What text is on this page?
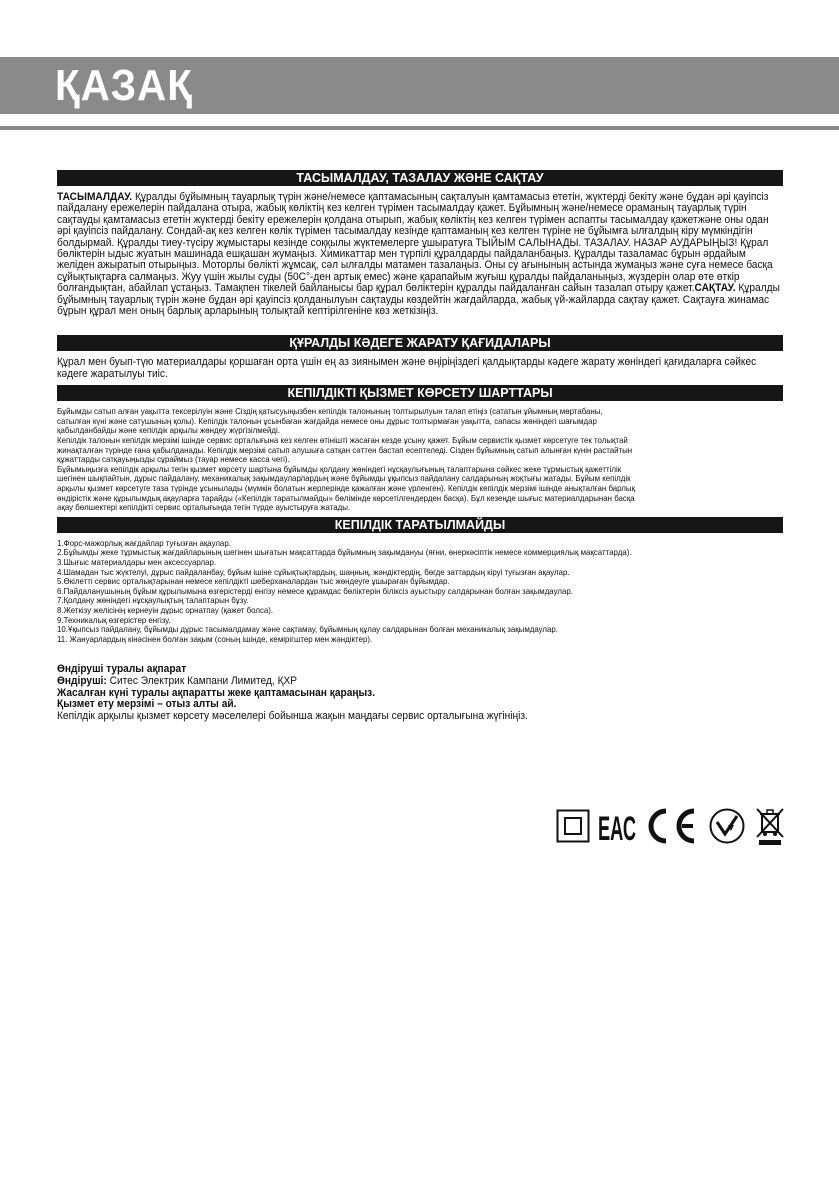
ҚАЗАҚ
ТАСЫМАЛДАУ, ТАЗАЛАУ ЖӘНЕ САҚТАУ

ТАСЫМАЛДАУ. Құралды бұйымның тауарлық түрін және/немесе қаптамасының сақталуын қамтамасыз ететін, жүктерді бекіту және бұдан әрі қауіпсіз пайдалану ережелерін пайдалана отыра, жабық көліктің кез келген түрімен тасымалдау қажет. Бұйымның және/немесе ораманың тауарлық түрін сақтауды қамтамасыз ететін жүктерді бекіту ережелерін қолдана отырып, жабық көліктің кез келген түрімен аспапты тасымалдау қажетжәне оны одан әрі қауіпсіз пайдалану. Сондай-ақ кез келген көлік түрімен тасымалдау кезінде қаптаманың кез келген түріне не бұйымға ылғалдың кіру мүмкіндігін болдырмай. Құралды тиеу-түсіру жұмыстары кезінде соққылы жүктемелерге ұшыратуға ТЫЙЫМ САЛЫНАДЫ. ТАЗАЛАУ. НАЗАР АУДАРЫҢЫЗ! Құрал бөліктерін ыдыс жуатын машинада ешқашан жумаңыз. Химикаттар мен түрпілі құралдарды пайдаланбаңыз. Құралды тазаламас бұрын әрдайым желіден ажыратып отырыңыз. Моторлы бөлікті жұмсақ, сәл ылғалды матамен тазалаңыз. Оны су ағынының астында жумаңыз және суға немесе басқа сұйықтықтарға салмаңыз. Жуу үшін жылы суды (50С°-ден артық емес) және қарапайым жуғыш құралды пайдаланыңыз, жүздерін олар өте өткір болғандықтан, абайлап ұстаңыз. Тамақпен тікелей байланысы бар құрал бөліктерін құралды пайдаланған сайын тазалап отыру қажет.САҚТАУ. Құралды бұйымның тауарлық түрін және бұдан әрі қауіпсіз қолданылуын сақтауды көздейтін жағдайларда, жабық үй-жайларда сақтау қажет. Сақтауға жинамас бұрын құрал мен оның барлық арларының толықтай кептірілгеніне көз жеткізіңіз.

ҚҰРАЛДЫ КӘДЕГЕ ЖАРАТУ ҚАҒИДАЛАРЫ

Құрал мен буып-түю материалдары қоршаған орта үшін ең аз зиянымен және өңіріңіздегі қалдықтарды кәдеге жарату жөніндегі қағидаларға сәйкес кәдеге жаратылуы тиіс.

КЕПІЛДІКТІ ҚЫЗМЕТ КӨРСЕТУ ШАРТТАРЫ
Бұйымды сатып алған уақытта тексерілуін және Сіздің қатысуыңызбен кепілдік талонының толтырылуын талап етіңіз (сататын ұйымның мөртабаны,
сатылған күні және сатушының қолы). Кепілдік талонын ұсынбаған жағдайда немесе оны дұрыс толтырмаған уақытта, сапасы жөніндегі шағымдар
қабылданбайды және кепілдік арқылы жөндеу жүргізілмейді.
Кепілдік талонын кепілдік мерзімі ішінде сервис орталығына кез келген өтінішті жасаған кезде ұсыну қажет. Бұйым сервистік қызмет көрсетуге тек толықтай
жинақталған түрінде ғана қабылданады. Кепілдік мерзімі сатып алушыға сатқан сәттен бастап есептеледі. Сізден бұйымның сатып алынған күнін растайтын
құжаттарды сатқауыңызды сұраймыз (тауар немесе касса чегі).
Бұйымыңызға кепілдік арқылы тегін қызмет көрсету шартына бұйымды қолдану жөніндегі нұсқаулығының талаптарына сәйкес жеке тұрмыстық қажеттілік
шегінен шықпайтын, дұрыс пайдалану, механикалық зақымдауларлардың және бұйымды ұқыпсыз пайдалану салдарының жоқтығы жатады. Бұйым кепілдік
арқылы қызмет көрсетуге таза түрінде ұсынылады (мүмкін болатын жерлерінде қажалған және үрленген). Кепілдік кепілдік мерзімі ішінде анықталған барлық
өндірістік және құрылымдық ақауларға тарайды («Кепілдік таратылмайды» бөлімінде көрсетілгендерден басқа). Бұл кезеңде шығыс материалдарынан басқа
ақау бөлшектері кепілдікті сервис орталығында тегін түрде ауыстыруға жатады.
КЕПІЛДІК ТАРАТЫЛМАЙДЫ
1.Форс-мажорлық жағдайлар туғызған ақаулар.
2.Бұйымды жеке тұрмыстық жағдайларының шегінен шығатын мақсаттарда бұйымның зақымдануы (яғни, өнеркәсіптік немесе коммерциялық мақсаттарда).
3.Шығыс материалдары мен аксессуарлар.
4.Шамадан тыс жүктелуі, дұрыс пайдаланбау, бұйым ішіне сұйықтықтардың, шаңның, жәндіктердің, бөгде заттардың кіруі туғызған ақаулар.
5.Өкілетті сервис орталықтарынан немесе кепілдікті шеберханалардан тыс жөндеуге ұшыраған бұйымдар.
6.Пайдаланушының бұйым құрылымына өзгерістерді енгізу немесе құрамдас бөліктерін біліксіз ауыстыру салдарынан болған зақымдаулар.
7.Қолдану жөніндегі нұсқаулықтың талаптарын бұзу.
8.Жеткізу желісінің кернеуін дұрыс орнатпау (қажет болса).
9.Техникалық өзгерістер енгізу.
10.Ұқыпсыз пайдалану, бұйымды дұрыс тасымалдамау және сақтамау, бұйымның құлау салдарынан болған механикалық зақымдаулар.
11. Жануарлардың кінәсінен болған зақым (соның ішінде, кемірігштер мен жәндіктер).
Өндіруші туралы ақпарат
Өндіруші: Ситес Электрик Кампани Лимитед, ҚХР
Жасалған күні туралы ақпаратты жеке қаптамасынан қараңыз.
Қызмет ету мерзімі – отыз алты ай.
Кепілдік арқылы қызмет көрсету мәселелері бойынша жақын маңдағы сервис орталығына жүгініңіз.
ЕАС
